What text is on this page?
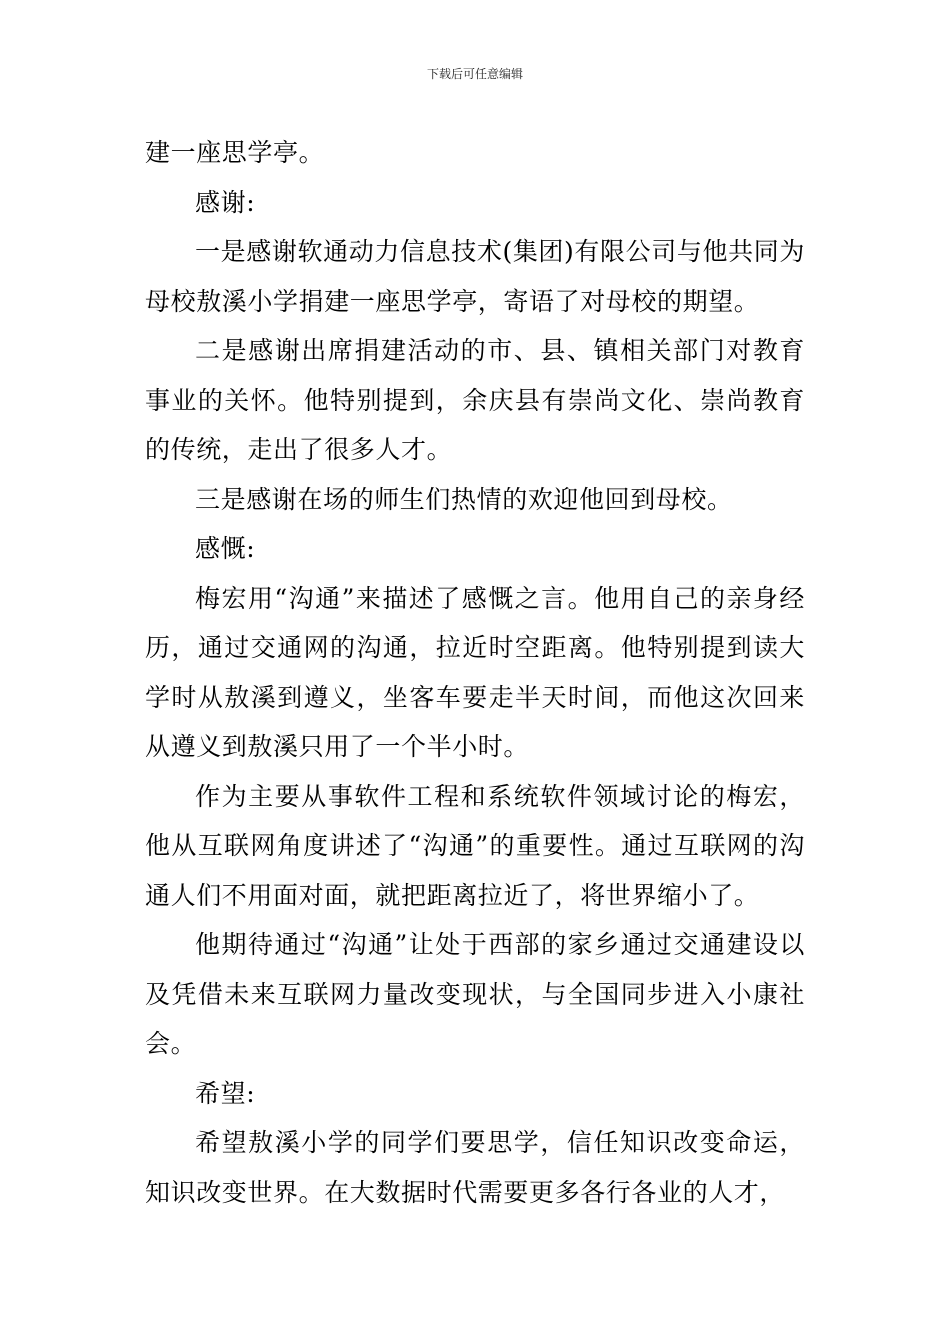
下载后可任意编辑

建一座思学亭。

感谢:

一是感谢软通动力信息技术(集团)有限公司与他共同为母校敖溪小学捐建一座思学亭，寄语了对母校的期望。

二是感谢出席捐建活动的市、县、镇相关部门对教育事业的关怀。他特别提到，余庆县有崇尚文化、崇尚教育的传统，走出了很多人才。

三是感谢在场的师生们热情的欢迎他回到母校。

感慨:

梅宏用“沟通”来描述了感慨之言。他用自己的亲身经历，通过交通网的沟通，拉近时空距离。他特别提到读大学时从敖溪到遵义，坐客车要走半天时间，而他这次回来从遵义到敖溪只用了一个半小时。

作为主要从事软件工程和系统软件领域讨论的梅宏，他从互联网角度讲述了“沟通”的重要性。通过互联网的沟通人们不用面对面，就把距离拉近了，将世界缩小了。

他期待通过“沟通”让处于西部的家乡通过交通建设以及凭借未来互联网力量改变现状，与全国同步进入小康社会。

希望:

希望敖溪小学的同学们要思学，信任知识改变命运，知识改变世界。在大数据时代需要更多各行各业的人才，
